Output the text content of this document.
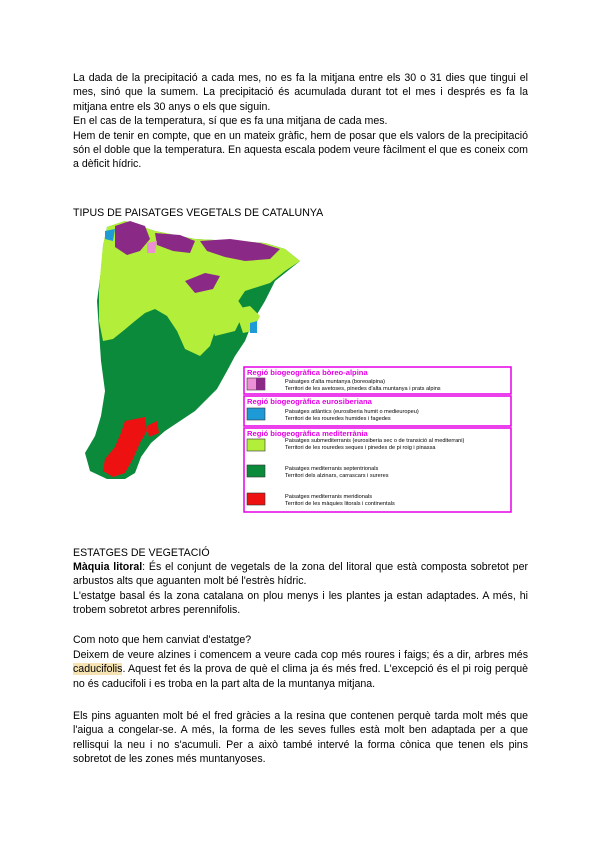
La dada de la precipitació a cada mes, no es fa la mitjana entre els 30 o 31 dies que tingui el mes, sinó que la sumem. La precipitació és acumulada durant tot el mes i després es fa la mitjana entre els 30 anys o els que siguin.

En el cas de la temperatura, sí que es fa una mitjana de cada mes.

Hem de tenir en compte, que en un mateix gràfic, hem de posar que els valors de la precipitació són el doble que la temperatura. En aquesta escala podem veure fàcilment el que es coneix com a dèficit hídric.

TIPUS DE PAISATGES VEGETALS DE CATALUNYA
Regió biogeogràfica bòreo-alpina
Paisatges d'alta muntanya (boreoalpina)
Territori de les avetoses, pinedes d'alta muntanya i prats alpins
Regió biogeogràfica eurosiberiana
Paisatges atlàntics (eurosiberia humit o medieuropeu)
Territori de les rouredes humides i fagedes
Regió biogeogràfica mediterrània
Paisatges submediterranis (eurosiberia sec o de transició al mediterrani)
Territori de les rouredes seques i pinedes de pi roig i pinassa
Paisatges mediterranis septentrionals
Territori dels alzinars, carrascars i sureres
Paisatges mediterranis meridionals
Territori de les màquies litorals i continentals
ESTATGES DE VEGETACIÓ

Màquia litoral: És el conjunt de vegetals de la zona del litoral que està composta sobretot per arbustos alts que aguanten molt bé l'estrès hídric.

L'estatge basal és la zona catalana on plou menys i les plantes ja estan adaptades. A més, hi trobem sobretot arbres perennifolis.

Com noto que hem canviat d'estatge?

Deixem de veure alzines i comencem a veure cada cop més roures i faigs; és a dir, arbres més caducifolis. Aquest fet és la prova de què el clima ja és més fred. L'excepció és el pi roig perquè no és caducifoli i es troba en la part alta de la muntanya mitjana.

Els pins aguanten molt bé el fred gràcies a la resina que contenen perquè tarda molt més que l'aigua a congelar-se. A més, la forma de les seves fulles està molt ben adaptada per a que rellisqui la neu i no s'acumuli. Per a això també intervé la forma cònica que tenen els pins sobretot de les zones més muntanyoses.
